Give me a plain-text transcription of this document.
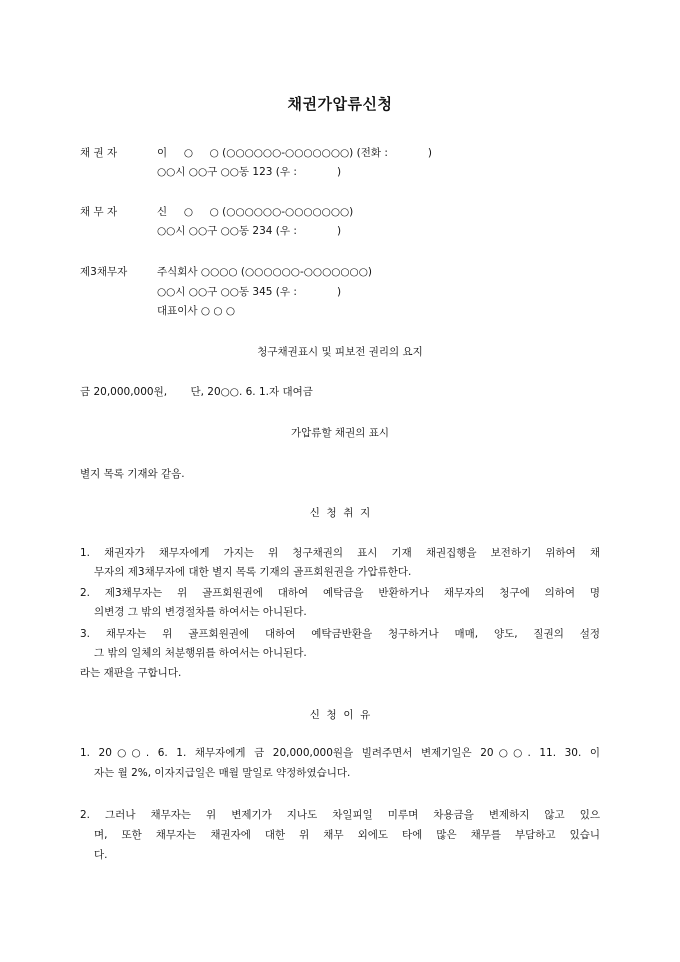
채권가압류신청
채 권 자	이     ○     ○ (○○○○○○-○○○○○○○) (전화 :            )
○○시 ○○구 ○○동 123 (우 :            )
채 무 자	신     ○     ○ (○○○○○○-○○○○○○○)
○○시 ○○구 ○○동 234 (우 :            )
제3채무자	주식회사 ○○○○ (○○○○○○-○○○○○○○)
○○시 ○○구 ○○동 345 (우 :            )
대표이사 ○ ○ ○
청구채권표시 및 피보전 권리의 요지
금 20,000,000원,       단, 20○○. 6. 1.자 대여금
가압류할 채권의 표시
별지 목록 기재와 같음.
신  청  취  지
1. 채권자가 채무자에게 가지는 위 청구채권의 표시 기재 채권집행을 보전하기 위하여 채
무자의 제3채무자에 대한 별지 목록 기재의 골프회원권을 가압류한다.
2. 제3채무자는 위 골프회원권에 대하여 예탁금을 반환하거나 채무자의 청구에 의하여 명
의변경 그 밖의 변경절차를 하여서는 아니된다.
3. 채무자는 위 골프회원권에 대하여 예탁금반환을 청구하거나 매매, 양도, 질권의 설정
그 밖의 일체의 처분행위를 하여서는 아니된다.
라는 재판을 구합니다.
신  청  이  유
1. 20○○. 6. 1. 채무자에게 금 20,000,000원을 빌려주면서 변제기일은 20○○. 11. 30. 이
자는 월 2%, 이자지급일은 매월 말일로 약정하였습니다.
2. 그러나 채무자는 위 변제기가 지나도 차일피일 미루며 차용금을 변제하지 않고 있으
며, 또한 채무자는 채권자에 대한 위 채무 외에도 타에 많은 채무를 부담하고 있습니
다.
